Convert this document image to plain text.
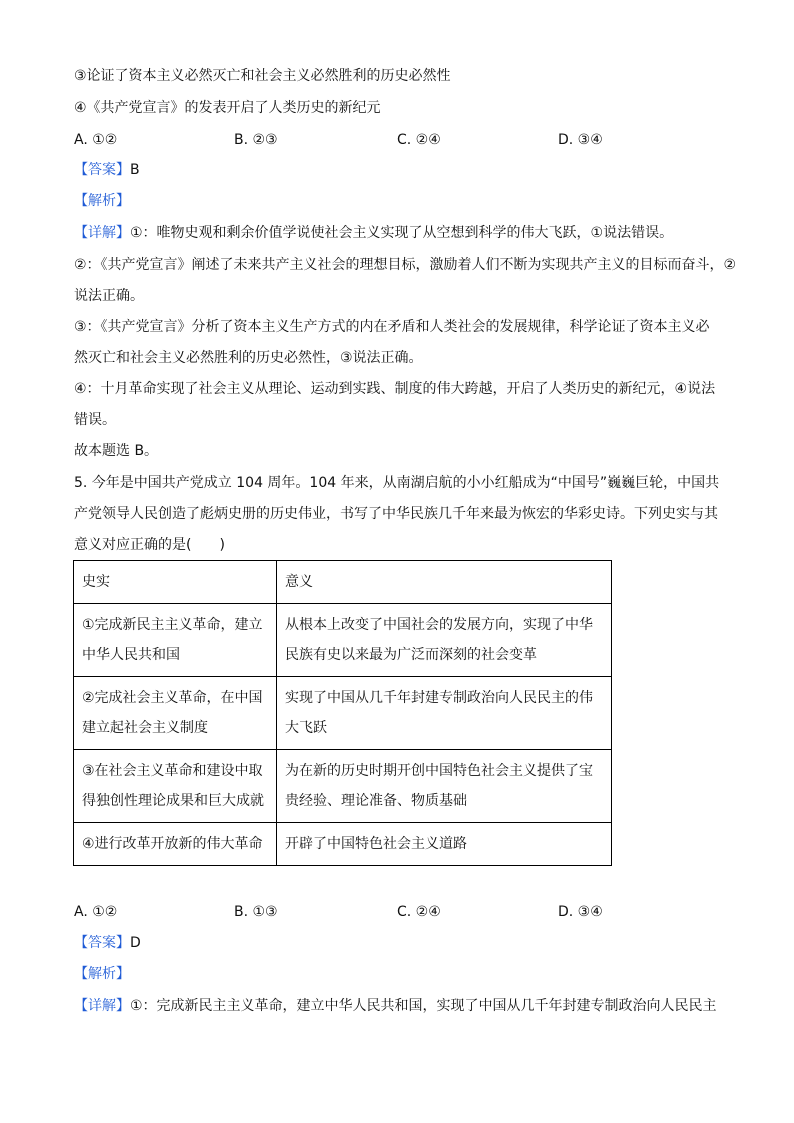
③论证了资本主义必然灭亡和社会主义必然胜利的历史必然性
④《共产党宣言》的发表开启了人类历史的新纪元
A. ①②	B. ②③	C. ②④	D. ③④
【答案】B
【解析】
【详解】①：唯物史观和剩余价值学说使社会主义实现了从空想到科学的伟大飞跃，①说法错误。
②：《共产党宣言》阐述了未来共产主义社会的理想目标，激励着人们不断为实现共产主义的目标而奋斗，②
说法正确。
③：《共产党宣言》分析了资本主义生产方式的内在矛盾和人类社会的发展规律，科学论证了资本主义必
然灭亡和社会主义必然胜利的历史必然性，③说法正确。
④：十月革命实现了社会主义从理论、运动到实践、制度的伟大跨越，开启了人类历史的新纪元，④说法
错误。
故本题选 B。
5. 今年是中国共产党成立 104 周年。104 年来，从南湖启航的小小红船成为“中国号”巍巍巨轮，中国共
产党领导人民创造了彪炳史册的历史伟业，书写了中华民族几千年来最为恢宏的华彩史诗。下列史实与其
意义对应正确的是(　　)
史实	意义
①完成新民主主义革命，建立中华人民共和国	从根本上改变了中国社会的发展方向，实现了中华民族有史以来最为广泛而深刻的社会变革
②完成社会主义革命，在中国建立起社会主义制度	实现了中国从几千年封建专制政治向人民民主的伟大飞跃
③在社会主义革命和建设中取得独创性理论成果和巨大成就	为在新的历史时期开创中国特色社会主义提供了宝贵经验、理论准备、物质基础
④进行改革开放新的伟大革命	开辟了中国特色社会主义道路
A. ①②	B. ①③	C. ②④	D. ③④
【答案】D
【解析】
【详解】①：完成新民主主义革命，建立中华人民共和国，实现了中国从几千年封建专制政治向人民民主
